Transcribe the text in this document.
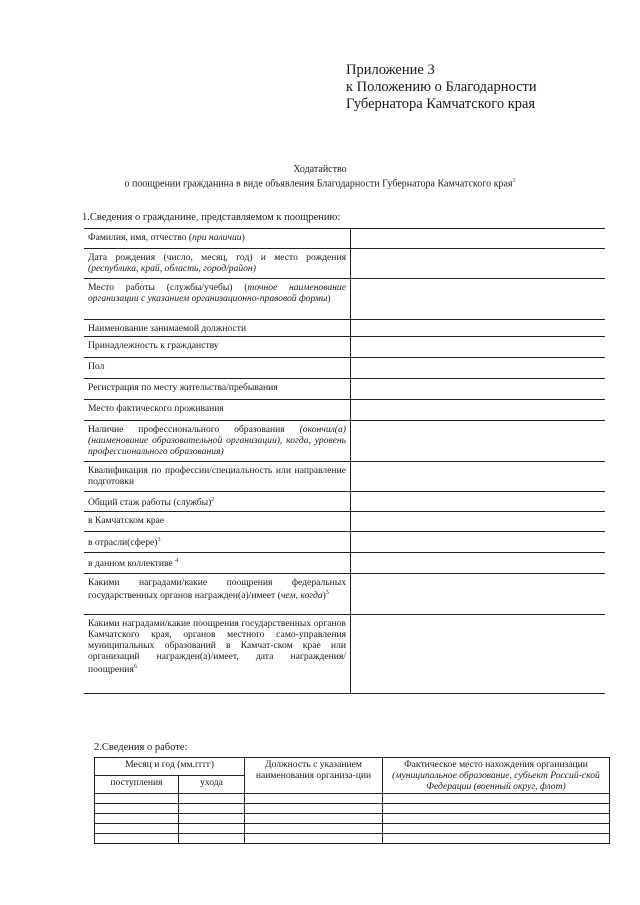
Приложение 3
к Положению о Благодарности
Губернатора Камчатского края
Ходатайство
о поощрении гражданина в виде объявления Благодарности Губернатора Камчатского края$^1$
1.Сведения о гражданине, представляемом к поощрению:
Фамилия, имя, отчество (при наличии)	
Дата рождения (число, месяц, год) и место рождения (республика, край, область, город/район)	
Место работы (службы/учебы) (точное наименование организации с указанием организационно-правовой формы)	
Наименование занимаемой должности	
Принадлежность к гражданству	
Пол	
Регистрация по месту жительства/пребывания	
Место фактического проживания	
Наличие профессионального образования (окончил(а) (наименование образовательной организации), когда, уровень профессионального образования)	
Квалификация по профессии/специальность или направление подготовки	
Общий стаж работы (службы)$^2$	
в Камчатском крае	
в отрасли(сфере)$^3$	
в данном коллективе $^4$	
Какими наградами/какие поощрения федеральных государственных органов награжден(а)/имеет (чем, когда)$^5$	
Какими наградами/какие поощрения государственных органов Камчатского края, органов местного само-управления муниципальных образований в Камчат-ском крае или организаций награжден(а)/имеет, дата награждения/поощрения$^6$	
2.Сведения о работе:
Месяц и год (мм.гггг)		Должность с указанием наименования организа-ции	Фактическое место нахождения организации (муниципальное образование, субъект Россий-ской Федерации (военный округ, флот)
поступления	ухода		
